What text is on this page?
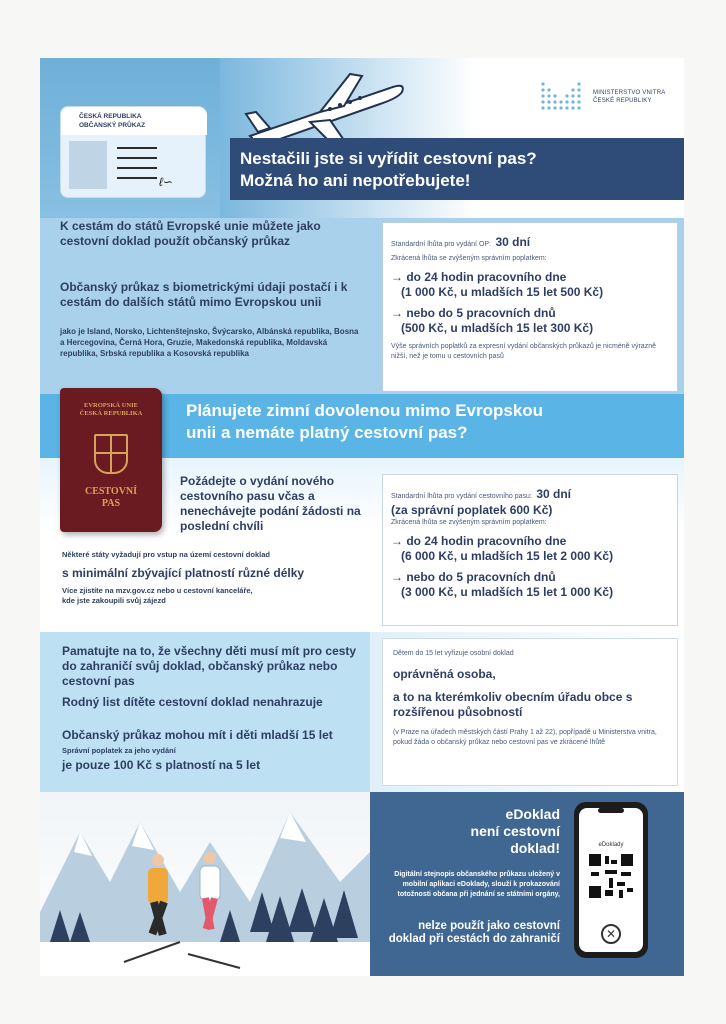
ČESKÁ REPUBLIKA
OBČANSKÝ PRŮKAZ
ℓ∽
MINISTERSTVO VNITRA
ČESKÉ REPUBLIKY
Nestačili jste si vyřídit cestovní pas?
Možná ho ani nepotřebujete!
K cestám do států Evropské unie můžete jako cestovní doklad použít občanský průkaz
Občanský průkaz s biometrickými údaji postačí i k cestám do dalších států mimo Evropskou unii
jako je Island, Norsko, Lichtenštejnsko, Švýcarsko, Albánská republika, Bosna a Hercegovina, Černá Hora, Gruzie, Makedonská republika, Moldavská republika, Srbská republika a Kosovská republika
Standardní lhůta pro vydání OP: 30 dní
Zkrácená lhůta se zvýšeným správním poplatkem:
→ do 24 hodin pracovního dne
(1 000 Kč, u mladších 15 let 500 Kč)
→ nebo do 5 pracovních dnů
(500 Kč, u mladších 15 let 300 Kč)
Výše správních poplatků za expresní vydání občanských průkazů je nicméně výrazně nižší, než je tomu u cestovních pasů
EVROPSKÁ UNIE
ČESKÁ REPUBLIKA
CESTOVNÍ
PAS
Plánujete zimní dovolenou mimo Evropskou
unii a nemáte platný cestovní pas?
Požádejte o vydání nového cestovního pasu včas a nenechávejte podání žádosti na poslední chvíli
Některé státy vyžadují pro vstup na území cestovní doklad
s minimální zbývající platností různé délky
Více zjistíte na mzv.gov.cz nebo u cestovní kanceláře,
kde jste zakoupili svůj zájezd
Standardní lhůta pro vydání cestovního pasu: 30 dní
(za správní poplatek 600 Kč)
Zkrácená lhůta se zvýšeným správním poplatkem:
→ do 24 hodin pracovního dne
(6 000 Kč, u mladších 15 let 2 000 Kč)
→ nebo do 5 pracovních dnů
(3 000 Kč, u mladších 15 let 1 000 Kč)
Pamatujte na to, že všechny děti musí mít pro cesty do zahraničí svůj doklad, občanský průkaz nebo cestovní pas
Rodný list dítěte cestovní doklad nenahrazuje
Občanský průkaz mohou mít i děti mladší 15 let
Správní poplatek za jeho vydání
je pouze 100 Kč s platností na 5 let
Dětem do 15 let vyřizuje osobní doklad
oprávněná osoba,
a to na kterémkoliv obecním úřadu obce s rozšířenou působností
(v Praze na úřadech městských částí Prahy 1 až 22), popřípadě u Ministerstva vnitra, pokud žáda o občanský průkaz nebo cestovní pas ve zkrácené lhůtě
eDoklad
není cestovní
doklad!
Digitální stejnopis občanského průkazu uložený v mobilní aplikaci eDoklady, slouží k prokazování totožnosti občana při jednání se státními orgány,
nelze použít jako cestovní doklad při cestách do zahraničí
eDoklady
✕
